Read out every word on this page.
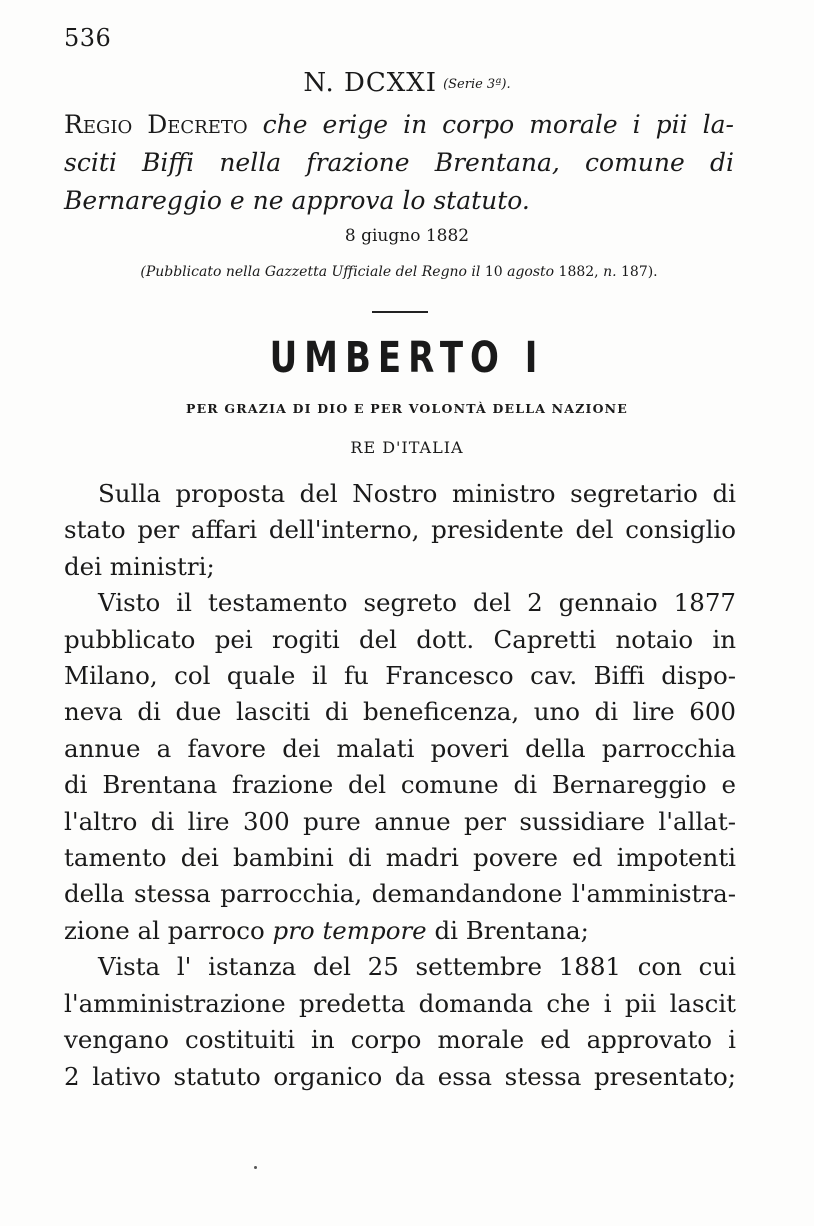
536
N. DCXXI (Serie 3ª).
Regio Decreto che erige in corpo morale i pii la-
sciti Biffi nella frazione Brentana, comune di
Bernareggio e ne approva lo statuto.
8 giugno 1882
(Pubblicato nella Gazzetta Ufficiale del Regno il 10 agosto 1882, n. 187).
UMBERTO I
PER GRAZIA DI DIO E PER VOLONTÀ DELLA NAZIONE
RE D'ITALIA
Sulla proposta del Nostro ministro segretario di
stato per affari dell'interno, presidente del consiglio
dei ministri;
Visto il testamento segreto del 2 gennaio 1877
pubblicato pei rogiti del dott. Capretti notaio in
Milano, col quale il fu Francesco cav. Biffi dispo-
neva di due lasciti di beneficenza, uno di lire 600
annue a favore dei malati poveri della parrocchia
di Brentana frazione del comune di Bernareggio e
l'altro di lire 300 pure annue per sussidiare l'allat-
tamento dei bambini di madri povere ed impotenti
della stessa parrocchia, demandandone l'amministra-
zione al parroco pro tempore di Brentana;
Vista l' istanza del 25 settembre 1881 con cui
l'amministrazione predetta domanda che i pii lascit
vengano costituiti in corpo morale ed approvato i
2 lativo statuto organico da essa stessa presentato;
